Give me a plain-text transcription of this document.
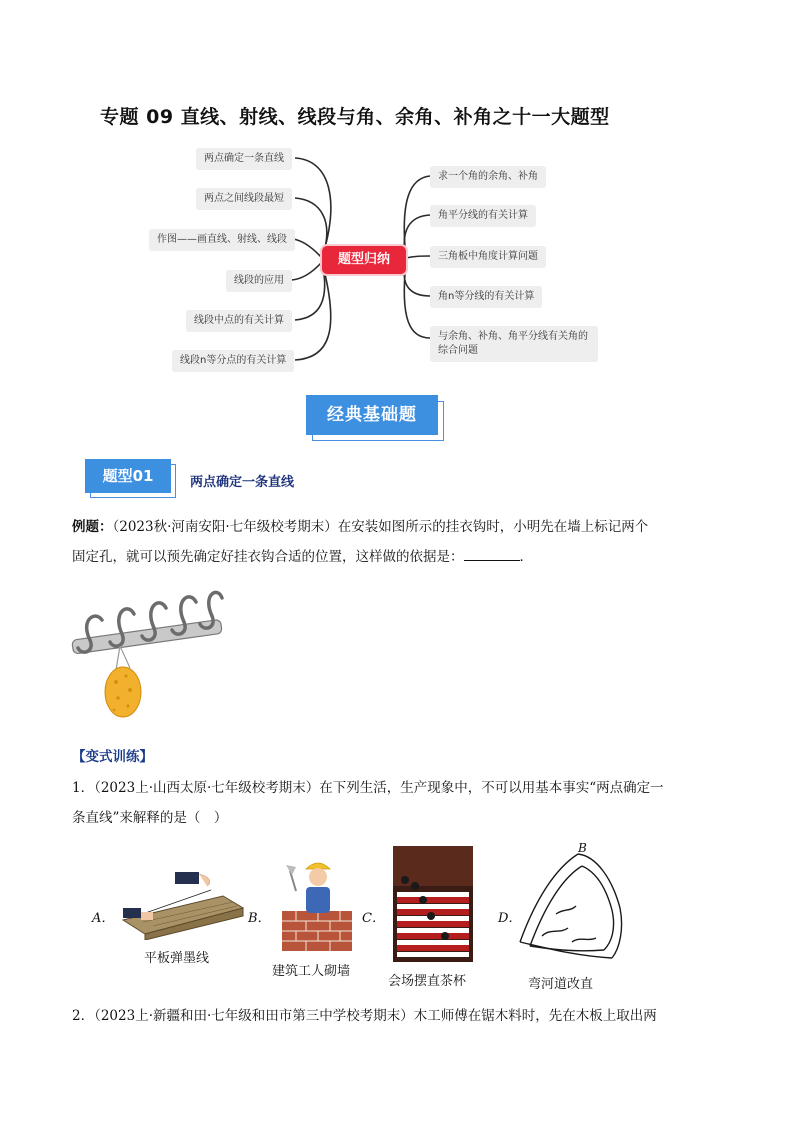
专题 09 直线、射线、线段与角、余角、补角之十一大题型
两点确定一条直线
两点之间线段最短
作图——画直线、射线、线段
线段的应用
线段中点的有关计算
线段n等分点的有关计算
题型归纳
求一个角的余角、补角
角平分线的有关计算
三角板中角度计算问题
角n等分线的有关计算
与余角、补角、角平分线有关角的
综合问题
经典基础题
题型01	两点确定一条直线
例题：（2023秋·河南安阳·七年级校考期末）在安装如图所示的挂衣钩时，小明先在墙上标记两个
固定孔，就可以预先确定好挂衣钩合适的位置，这样做的依据是：	．
【变式训练】
1．（2023上·山西太原·七年级校考期末）在下列生活，生产现象中，不可以用基本事实“两点确定一
条直线”来解释的是（　）
A．
平板弹墨线
B．
建筑工人砌墙
C．
会场摆直茶杯
D．
B
弯河道改直
2．（2023上·新疆和田·七年级和田市第三中学校考期末）木工师傅在锯木料时，先在木板上取出两
